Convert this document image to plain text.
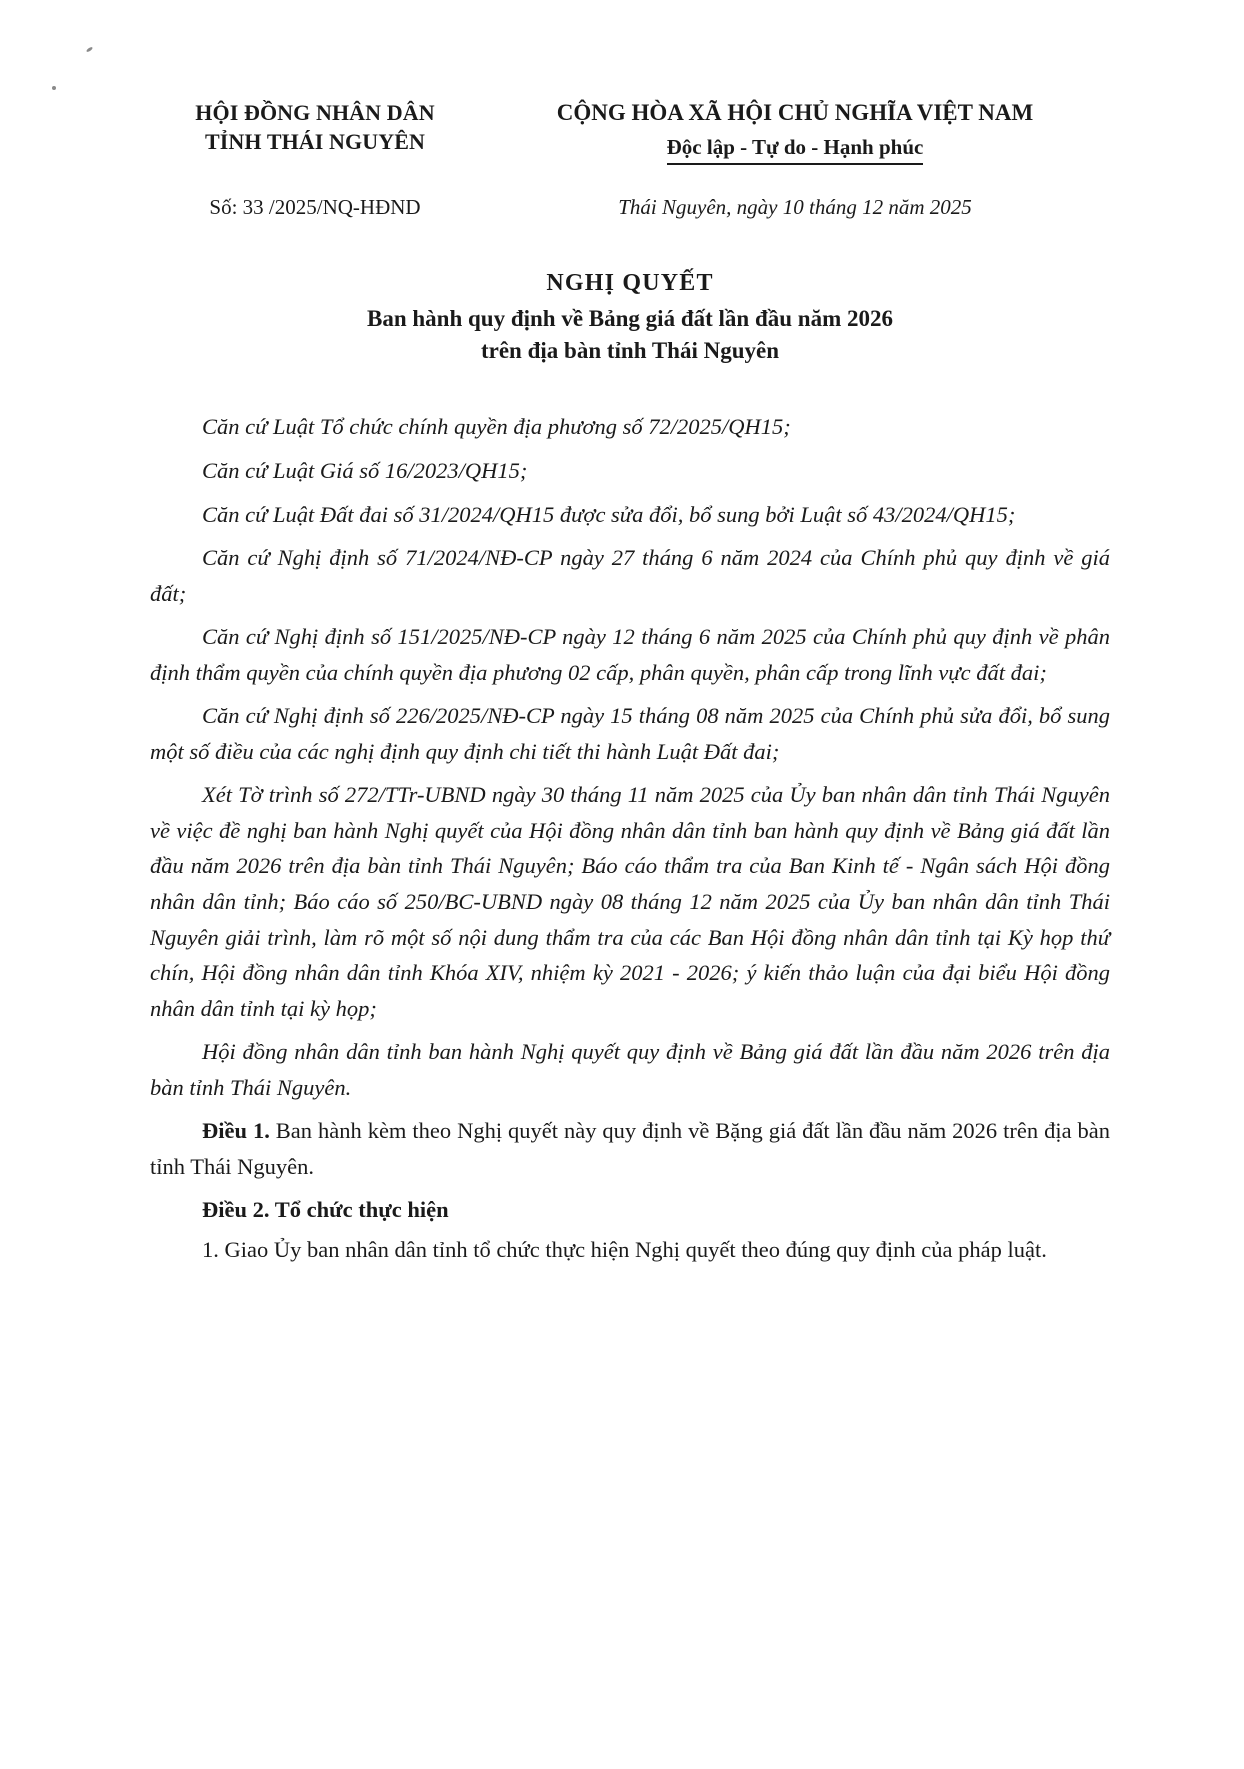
HỘI ĐỒNG NHÂN DÂN
TỈNH THÁI NGUYÊN
CỘNG HÒA XÃ HỘI CHỦ NGHĨA VIỆT NAM
Độc lập - Tự do - Hạnh phúc
Số: 33 /2025/NQ-HĐND	Thái Nguyên, ngày 10 tháng 12 năm 2025
NGHỊ QUYẾT
Ban hành quy định về Bảng giá đất lần đầu năm 2026
trên địa bàn tỉnh Thái Nguyên

Căn cứ Luật Tổ chức chính quyền địa phương số 72/2025/QH15;

Căn cứ Luật Giá số 16/2023/QH15;

Căn cứ Luật Đất đai số 31/2024/QH15 được sửa đổi, bổ sung bởi Luật số 43/2024/QH15;

Căn cứ Nghị định số 71/2024/NĐ-CP ngày 27 tháng 6 năm 2024 của Chính phủ quy định về giá đất;

Căn cứ Nghị định số 151/2025/NĐ-CP ngày 12 tháng 6 năm 2025 của Chính phủ quy định về phân định thẩm quyền của chính quyền địa phương 02 cấp, phân quyền, phân cấp trong lĩnh vực đất đai;

Căn cứ Nghị định số 226/2025/NĐ-CP ngày 15 tháng 08 năm 2025 của Chính phủ sửa đổi, bổ sung một số điều của các nghị định quy định chi tiết thi hành Luật Đất đai;

Xét Tờ trình số 272/TTr-UBND ngày 30 tháng 11 năm 2025 của Ủy ban nhân dân tỉnh Thái Nguyên về việc đề nghị ban hành Nghị quyết của Hội đồng nhân dân tỉnh ban hành quy định về Bảng giá đất lần đầu năm 2026 trên địa bàn tỉnh Thái Nguyên; Báo cáo thẩm tra của Ban Kinh tế - Ngân sách Hội đồng nhân dân tỉnh; Báo cáo số 250/BC-UBND ngày 08 tháng 12 năm 2025 của Ủy ban nhân dân tỉnh Thái Nguyên giải trình, làm rõ một số nội dung thẩm tra của các Ban Hội đồng nhân dân tỉnh tại Kỳ họp thứ chín, Hội đồng nhân dân tỉnh Khóa XIV, nhiệm kỳ 2021 - 2026; ý kiến thảo luận của đại biểu Hội đồng nhân dân tỉnh tại kỳ họp;

Hội đồng nhân dân tỉnh ban hành Nghị quyết quy định về Bảng giá đất lần đầu năm 2026 trên địa bàn tỉnh Thái Nguyên.

Điều 1. Ban hành kèm theo Nghị quyết này quy định về Bặng giá đất lần đầu năm 2026 trên địa bàn tỉnh Thái Nguyên.

Điều 2. Tổ chức thực hiện

1. Giao Ủy ban nhân dân tỉnh tổ chức thực hiện Nghị quyết theo đúng quy định của pháp luật.
